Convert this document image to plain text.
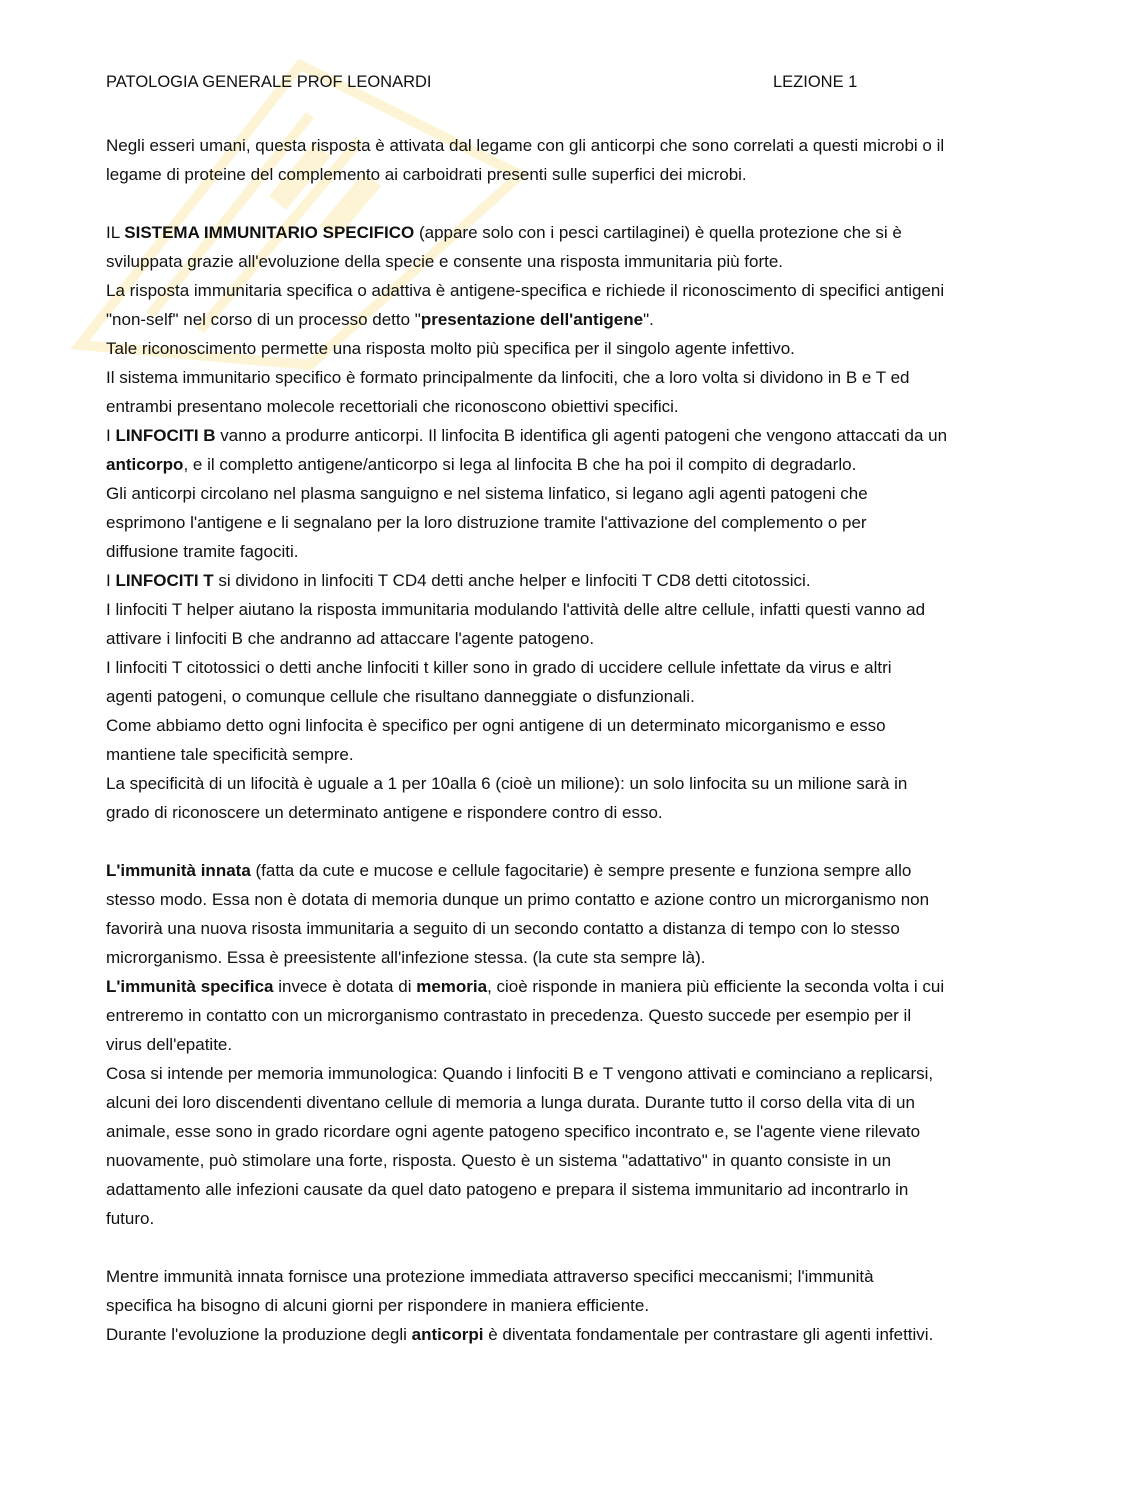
PATOLOGIA GENERALE PROF LEONARDI	LEZIONE 1
Negli esseri umani, questa risposta è attivata dal legame con gli anticorpi che sono correlati a questi microbi o il
legame di proteine del complemento ai carboidrati presenti sulle superfici dei microbi.
IL SISTEMA IMMUNITARIO SPECIFICO (appare solo con i pesci cartilaginei) è quella protezione che si è
sviluppata grazie all'evoluzione della specie e consente una risposta immunitaria più forte.
La risposta immunitaria specifica o adattiva è antigene-specifica e richiede il riconoscimento di specifici antigeni
"non-self" nel corso di un processo detto "presentazione dell'antigene".
Tale riconoscimento permette una risposta molto più specifica per il singolo agente infettivo.
Il sistema immunitario specifico è formato principalmente da linfociti, che a loro volta si dividono in B e T ed
entrambi presentano molecole recettoriali che riconoscono obiettivi specifici.
I LINFOCITI B vanno a produrre anticorpi. Il linfocita B identifica gli agenti patogeni che vengono attaccati da un
anticorpo, e il completto antigene/anticorpo si lega al linfocita B che ha poi il compito di degradarlo.
Gli anticorpi circolano nel plasma sanguigno e nel sistema linfatico, si legano agli agenti patogeni che
esprimono l'antigene e li segnalano per la loro distruzione tramite l'attivazione del complemento o per
diffusione tramite fagociti.
I LINFOCITI T si dividono in linfociti T CD4 detti anche helper e linfociti T CD8 detti citotossici.
I linfociti T helper aiutano la risposta immunitaria modulando l'attività delle altre cellule, infatti questi vanno ad
attivare i linfociti B che andranno ad attaccare l'agente patogeno.
I linfociti T citotossici o detti anche linfociti t killer sono in grado di uccidere cellule infettate da virus e altri
agenti patogeni, o comunque cellule che risultano danneggiate o disfunzionali.
Come abbiamo detto ogni linfocita è specifico per ogni antigene di un determinato micorganismo e esso
mantiene tale specificità sempre.
La specificità di un lifocità è uguale a 1 per 10alla 6 (cioè un milione): un solo linfocita su un milione sarà in
grado di riconoscere un determinato antigene e rispondere contro di esso.
L'immunità innata (fatta da cute e mucose e cellule fagocitarie) è sempre presente e funziona sempre allo
stesso modo. Essa non è dotata di memoria dunque un primo contatto e azione contro un microrganismo non
favorirà una nuova risosta immunitaria a seguito di un secondo contatto a distanza di tempo con lo stesso
microrganismo. Essa è preesistente all'infezione stessa. (la cute sta sempre là).
L'immunità specifica invece è dotata di memoria, cioè risponde in maniera più efficiente la seconda volta i cui
entreremo in contatto con un microrganismo contrastato in precedenza. Questo succede per esempio per il
virus dell'epatite.
Cosa si intende per memoria immunologica: Quando i linfociti B e T vengono attivati e cominciano a replicarsi,
alcuni dei loro discendenti diventano cellule di memoria a lunga durata. Durante tutto il corso della vita di un
animale, esse sono in grado ricordare ogni agente patogeno specifico incontrato e, se l'agente viene rilevato
nuovamente, può stimolare una forte, risposta. Questo è un sistema "adattativo" in quanto consiste in un
adattamento alle infezioni causate da quel dato patogeno e prepara il sistema immunitario ad incontrarlo in
futuro.
Mentre immunità innata fornisce una protezione immediata attraverso specifici meccanismi; l'immunità
specifica ha bisogno di alcuni giorni per rispondere in maniera efficiente.
Durante l'evoluzione la produzione degli anticorpi è diventata fondamentale per contrastare gli agenti infettivi.
